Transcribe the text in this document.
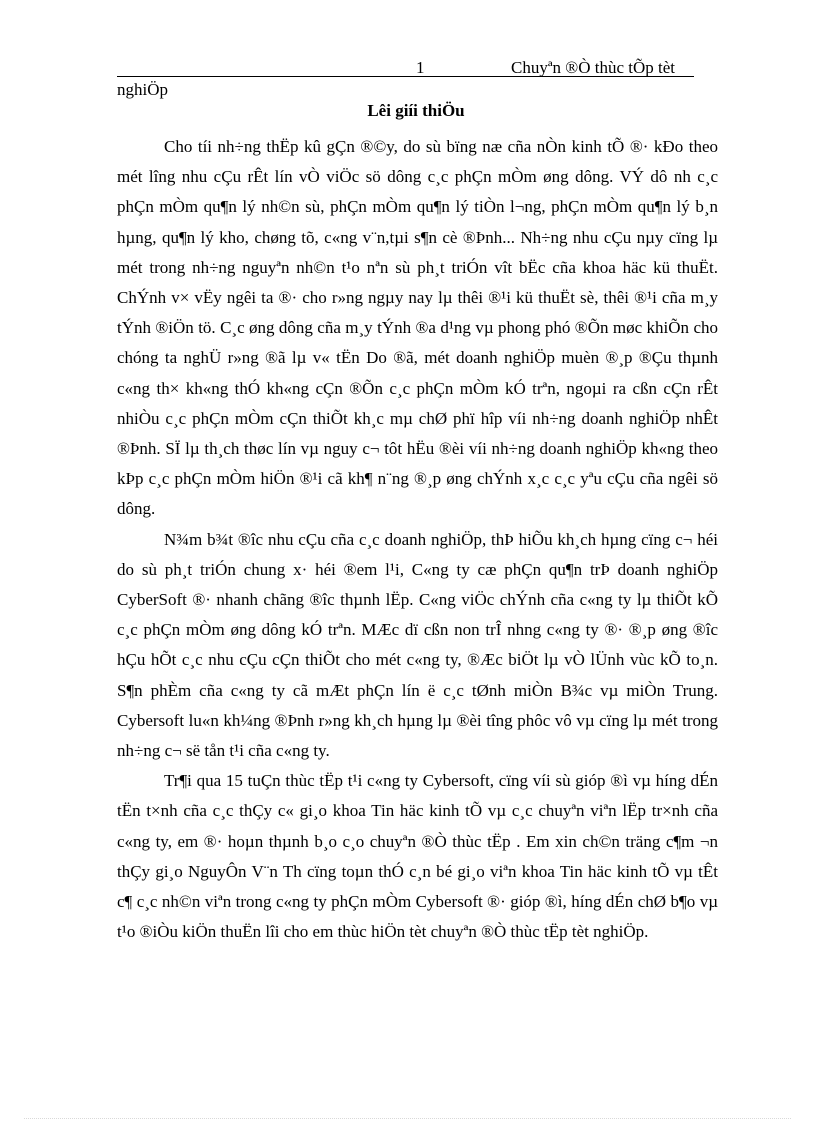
1	Chuyªn ®Ò thùc tÕp tèt
nghiÖp
Lêi giíi thiÖu

Cho tíi nh÷ng thËp kû gÇn ®©y, do sù bïng næ cña nÒn kinh tÕ ®· kÐo theo mét lîng nhu cÇu rÊt lín vÒ viÖc sö dông c¸c phÇn mÒm øng dông. VÝ dô nh c¸c phÇn mÒm qu¶n lý nh©n sù, phÇn mÒm qu¶n lý tiÒn l¬ng, phÇn mÒm qu¶n lý b¸n hµng, qu¶n lý kho, chøng tõ, c«ng v¨n,tµi s¶n cè ®Þnh... Nh÷ng nhu cÇu nµy cïng lµ mét trong nh÷ng nguyªn nh©n t¹o nªn sù ph¸t triÓn vît bËc cña khoa häc kü thuËt. ChÝnh v× vËy ngêi ta ®· cho r»ng ngµy nay lµ thêi ®¹i kü thuËt sè, thêi ®¹i cña m¸y tÝnh ®iÖn tö. C¸c øng dông cña m¸y tÝnh ®a d¹ng vµ phong phó ®Õn møc khiÕn cho chóng ta nghÜ r»ng ®ã lµ v« tËn Do ®ã, mét doanh nghiÖp muèn ®¸p ®Çu thµnh c«ng th× kh«ng thÓ kh«ng cÇn ®Õn c¸c phÇn mÒm kÓ trªn, ngoµi ra cßn cÇn rÊt nhiÒu c¸c phÇn mÒm cÇn thiÕt kh¸c mµ chØ phï hîp víi nh÷ng doanh nghiÖp nhÊt ®Þnh. SÏ lµ th¸ch thøc lín vµ nguy c¬ tôt hËu ®èi víi nh÷ng doanh nghiÖp kh«ng theo kÞp c¸c phÇn mÒm hiÖn ®¹i cã kh¶ n¨ng ®¸p øng chÝnh x¸c c¸c yªu cÇu cña ngêi sö dông.

N¾m b¾t ®îc nhu cÇu cña c¸c doanh nghiÖp, thÞ hiÕu kh¸ch hµng cïng c¬ héi do sù ph¸t triÓn chung x· héi ®em l¹i, C«ng ty cæ phÇn qu¶n trÞ doanh nghiÖp CyberSoft ®· nhanh chãng ®îc thµnh lËp. C«ng viÖc chÝnh cña c«ng ty lµ thiÕt kÕ c¸c phÇn mÒm øng dông kÓ trªn. MÆc dï cßn non trÎ nhng c«ng ty ®· ®¸p øng ®îc hÇu hÕt c¸c nhu cÇu cÇn thiÕt cho mét c«ng ty, ®Æc biÖt lµ vÒ lÜnh vùc kÕ to¸n. S¶n phÈm cña c«ng ty cã mÆt phÇn lín ë c¸c tØnh miÒn B¾c vµ miÒn Trung. Cybersoft lu«n kh¼ng ®Þnh r»ng kh¸ch hµng lµ ®èi tîng phôc vô vµ cïng lµ mét trong nh÷ng c¬ së tån t¹i cña c«ng ty.

Tr¶i qua 15 tuÇn thùc tËp t¹i c«ng ty Cybersoft, cïng víi sù gióp ®ì vµ híng dÉn tËn t×nh cña c¸c thÇy c« gi¸o khoa Tin häc kinh tÕ vµ c¸c chuyªn viªn lËp tr×nh cña c«ng ty, em ®· hoµn thµnh b¸o c¸o chuyªn ®Ò thùc tËp . Em xin ch©n träng c¶m ¬n thÇy gi¸o NguyÔn V¨n Th cïng toµn thÓ c¸n bé gi¸o viªn khoa Tin häc kinh tÕ vµ tÊt c¶ c¸c nh©n viªn trong c«ng ty phÇn mÒm Cybersoft ®· gióp ®ì, híng dÉn chØ b¶o vµ t¹o ®iÒu kiÖn thuËn lîi cho em thùc hiÖn tèt chuyªn ®Ò thùc tËp tèt nghiÖp.
